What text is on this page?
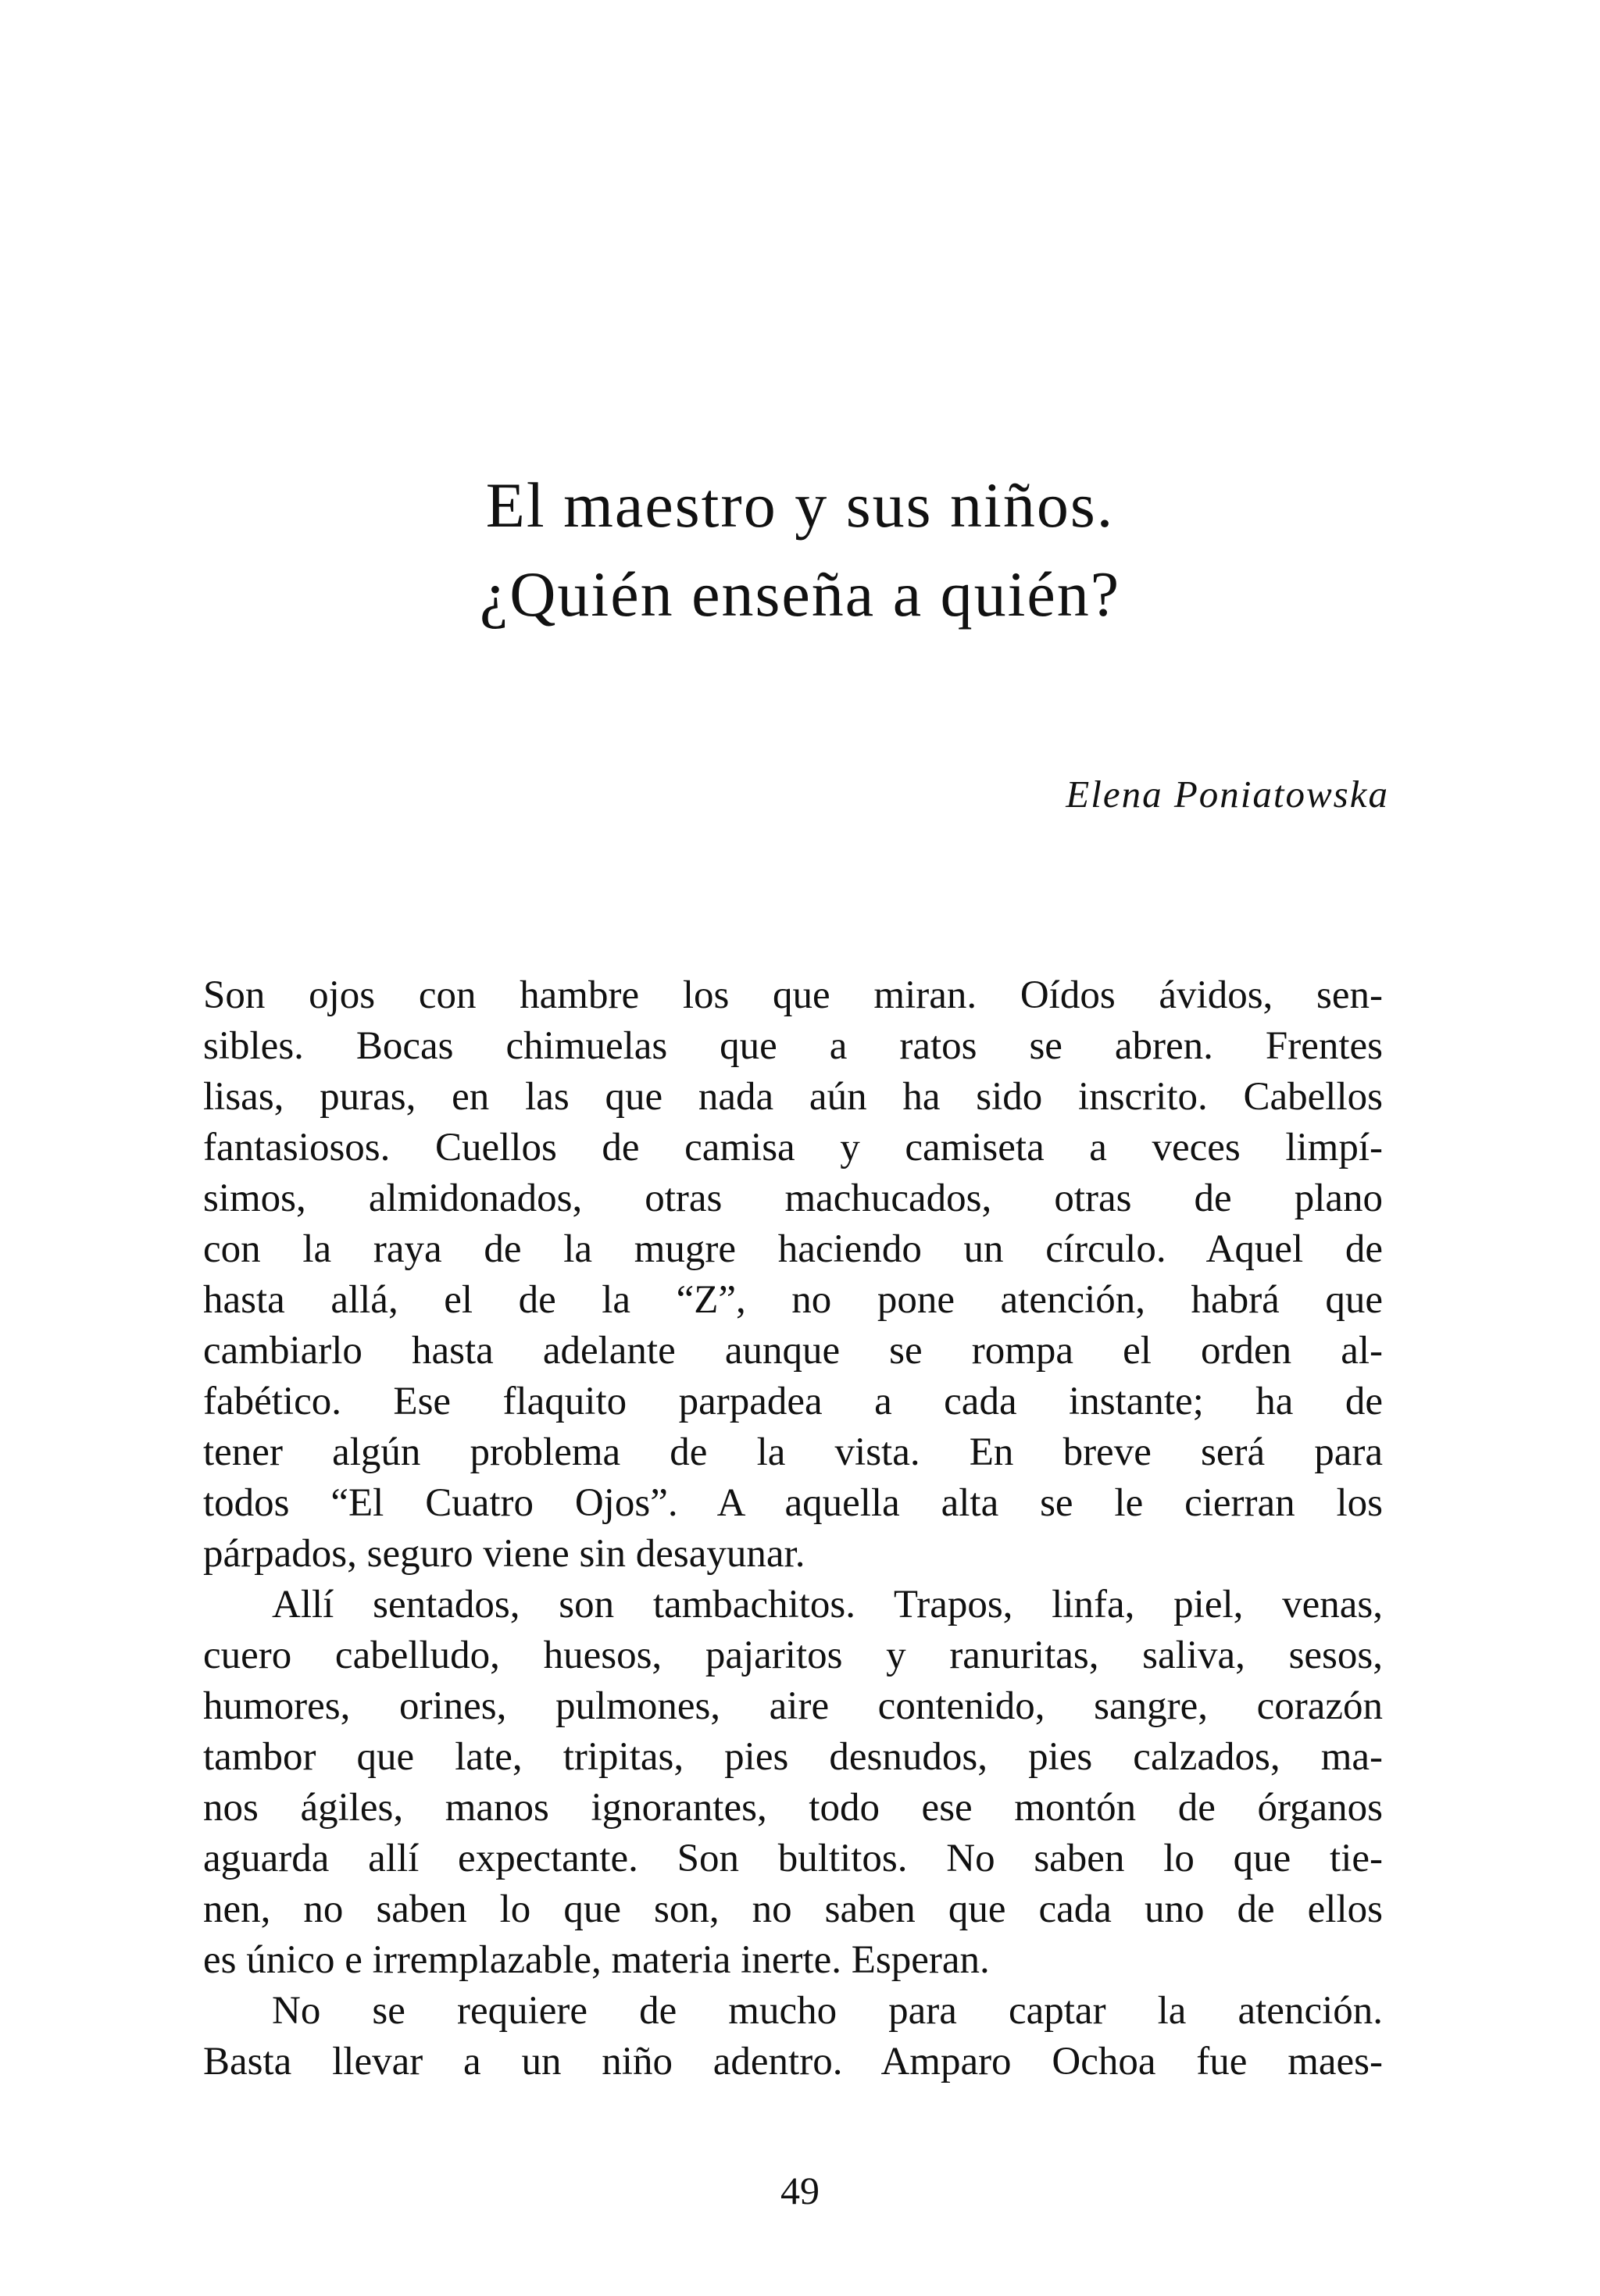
El maestro y sus niños.
¿Quién enseña a quién?

Elena Poniatowska

Son ojos con hambre los que miran. Oídos ávidos, sen-
sibles. Bocas chimuelas que a ratos se abren. Frentes
lisas, puras, en las que nada aún ha sido inscrito. Cabellos
fantasiosos. Cuellos de camisa y camiseta a veces limpí-
simos, almidonados, otras machucados, otras de plano
con la raya de la mugre haciendo un círculo. Aquel de
hasta allá, el de la “Z”, no pone atención, habrá que
cambiarlo hasta adelante aunque se rompa el orden al-
fabético. Ese flaquito parpadea a cada instante; ha de
tener algún problema de la vista. En breve será para
todos “El Cuatro Ojos”. A aquella alta se le cierran los
párpados, seguro viene sin desayunar.
Allí sentados, son tambachitos. Trapos, linfa, piel, venas,
cuero cabelludo, huesos, pajaritos y ranuritas, saliva, sesos,
humores, orines, pulmones, aire contenido, sangre, corazón
tambor que late, tripitas, pies desnudos, pies calzados, ma-
nos ágiles, manos ignorantes, todo ese montón de órganos
aguarda allí expectante. Son bultitos. No saben lo que tie-
nen, no saben lo que son, no saben que cada uno de ellos
es único e irremplazable, materia inerte. Esperan.
No se requiere de mucho para captar la atención.
Basta llevar a un niño adentro. Amparo Ochoa fue maes-

49
